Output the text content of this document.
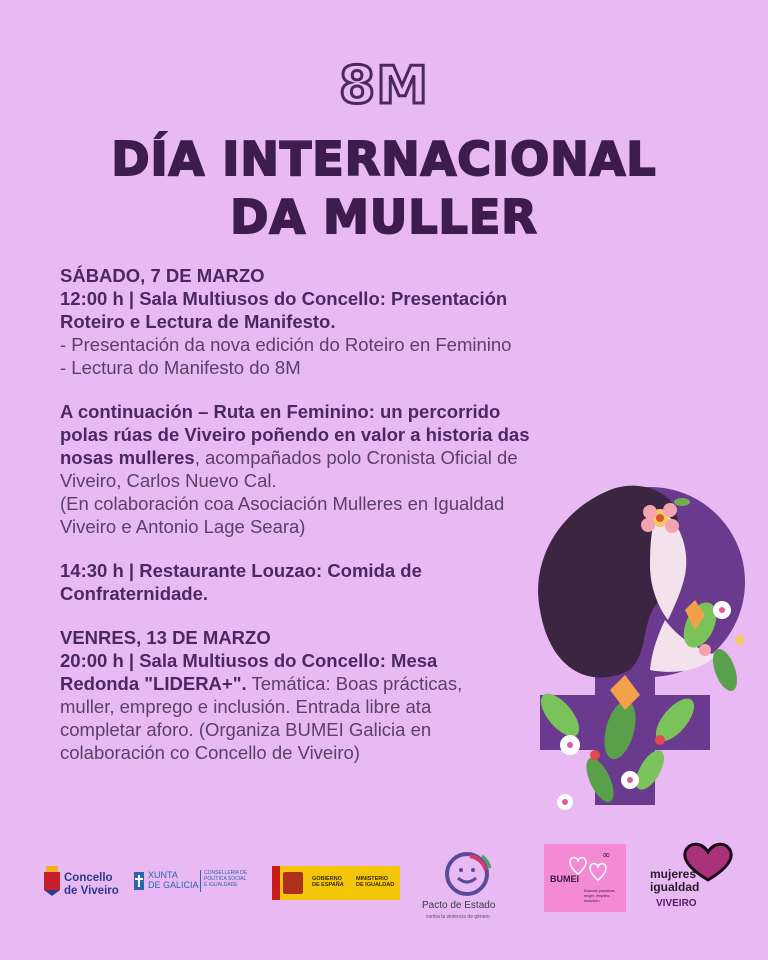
8M
DÍA INTERNACIONAL
DA MULLER
SÁBADO, 7 DE MARZO
12:00 h | Sala Multiusos do Concello: Presentación
Roteiro e Lectura de Manifesto.
- Presentación da nova edición do Roteiro en Feminino
- Lectura do Manifesto do 8M
A continuación – Ruta en Feminino: un percorrido
polas rúas de Viveiro poñendo en valor a historia das
nosas mulleres, acompañados polo Cronista Oficial de
Viveiro, Carlos Nuevo Cal.
(En colaboración coa Asociación Mulleres en Igualdad
Viveiro e Antonio Lage Seara)
14:30 h | Restaurante Louzao: Comida de
Confraternidade.
VENRES, 13 DE MARZO
20:00 h | Sala Multiusos do Concello: Mesa
Redonda "LIDERA+". Temática: Boas prácticas,
muller, emprego e inclusión. Entrada libre ata
completar aforo. (Organiza BUMEI Galicia en
colaboración co Concello de Viveiro)
Concello
de Viveiro
XUNTA
DE GALICIA
CONSELLERÍA DE
POLÍTICA SOCIAL
E IGUALDADE
GOBIERNO
DE ESPAÑA
MINISTERIO
DE IGUALDAD
Pacto de Estado
contra la violencia de género
∞
BUMEI
Buenas prácticas, mujer, empleo, inclusión
mujeres
igualdad
VIVEIRO
